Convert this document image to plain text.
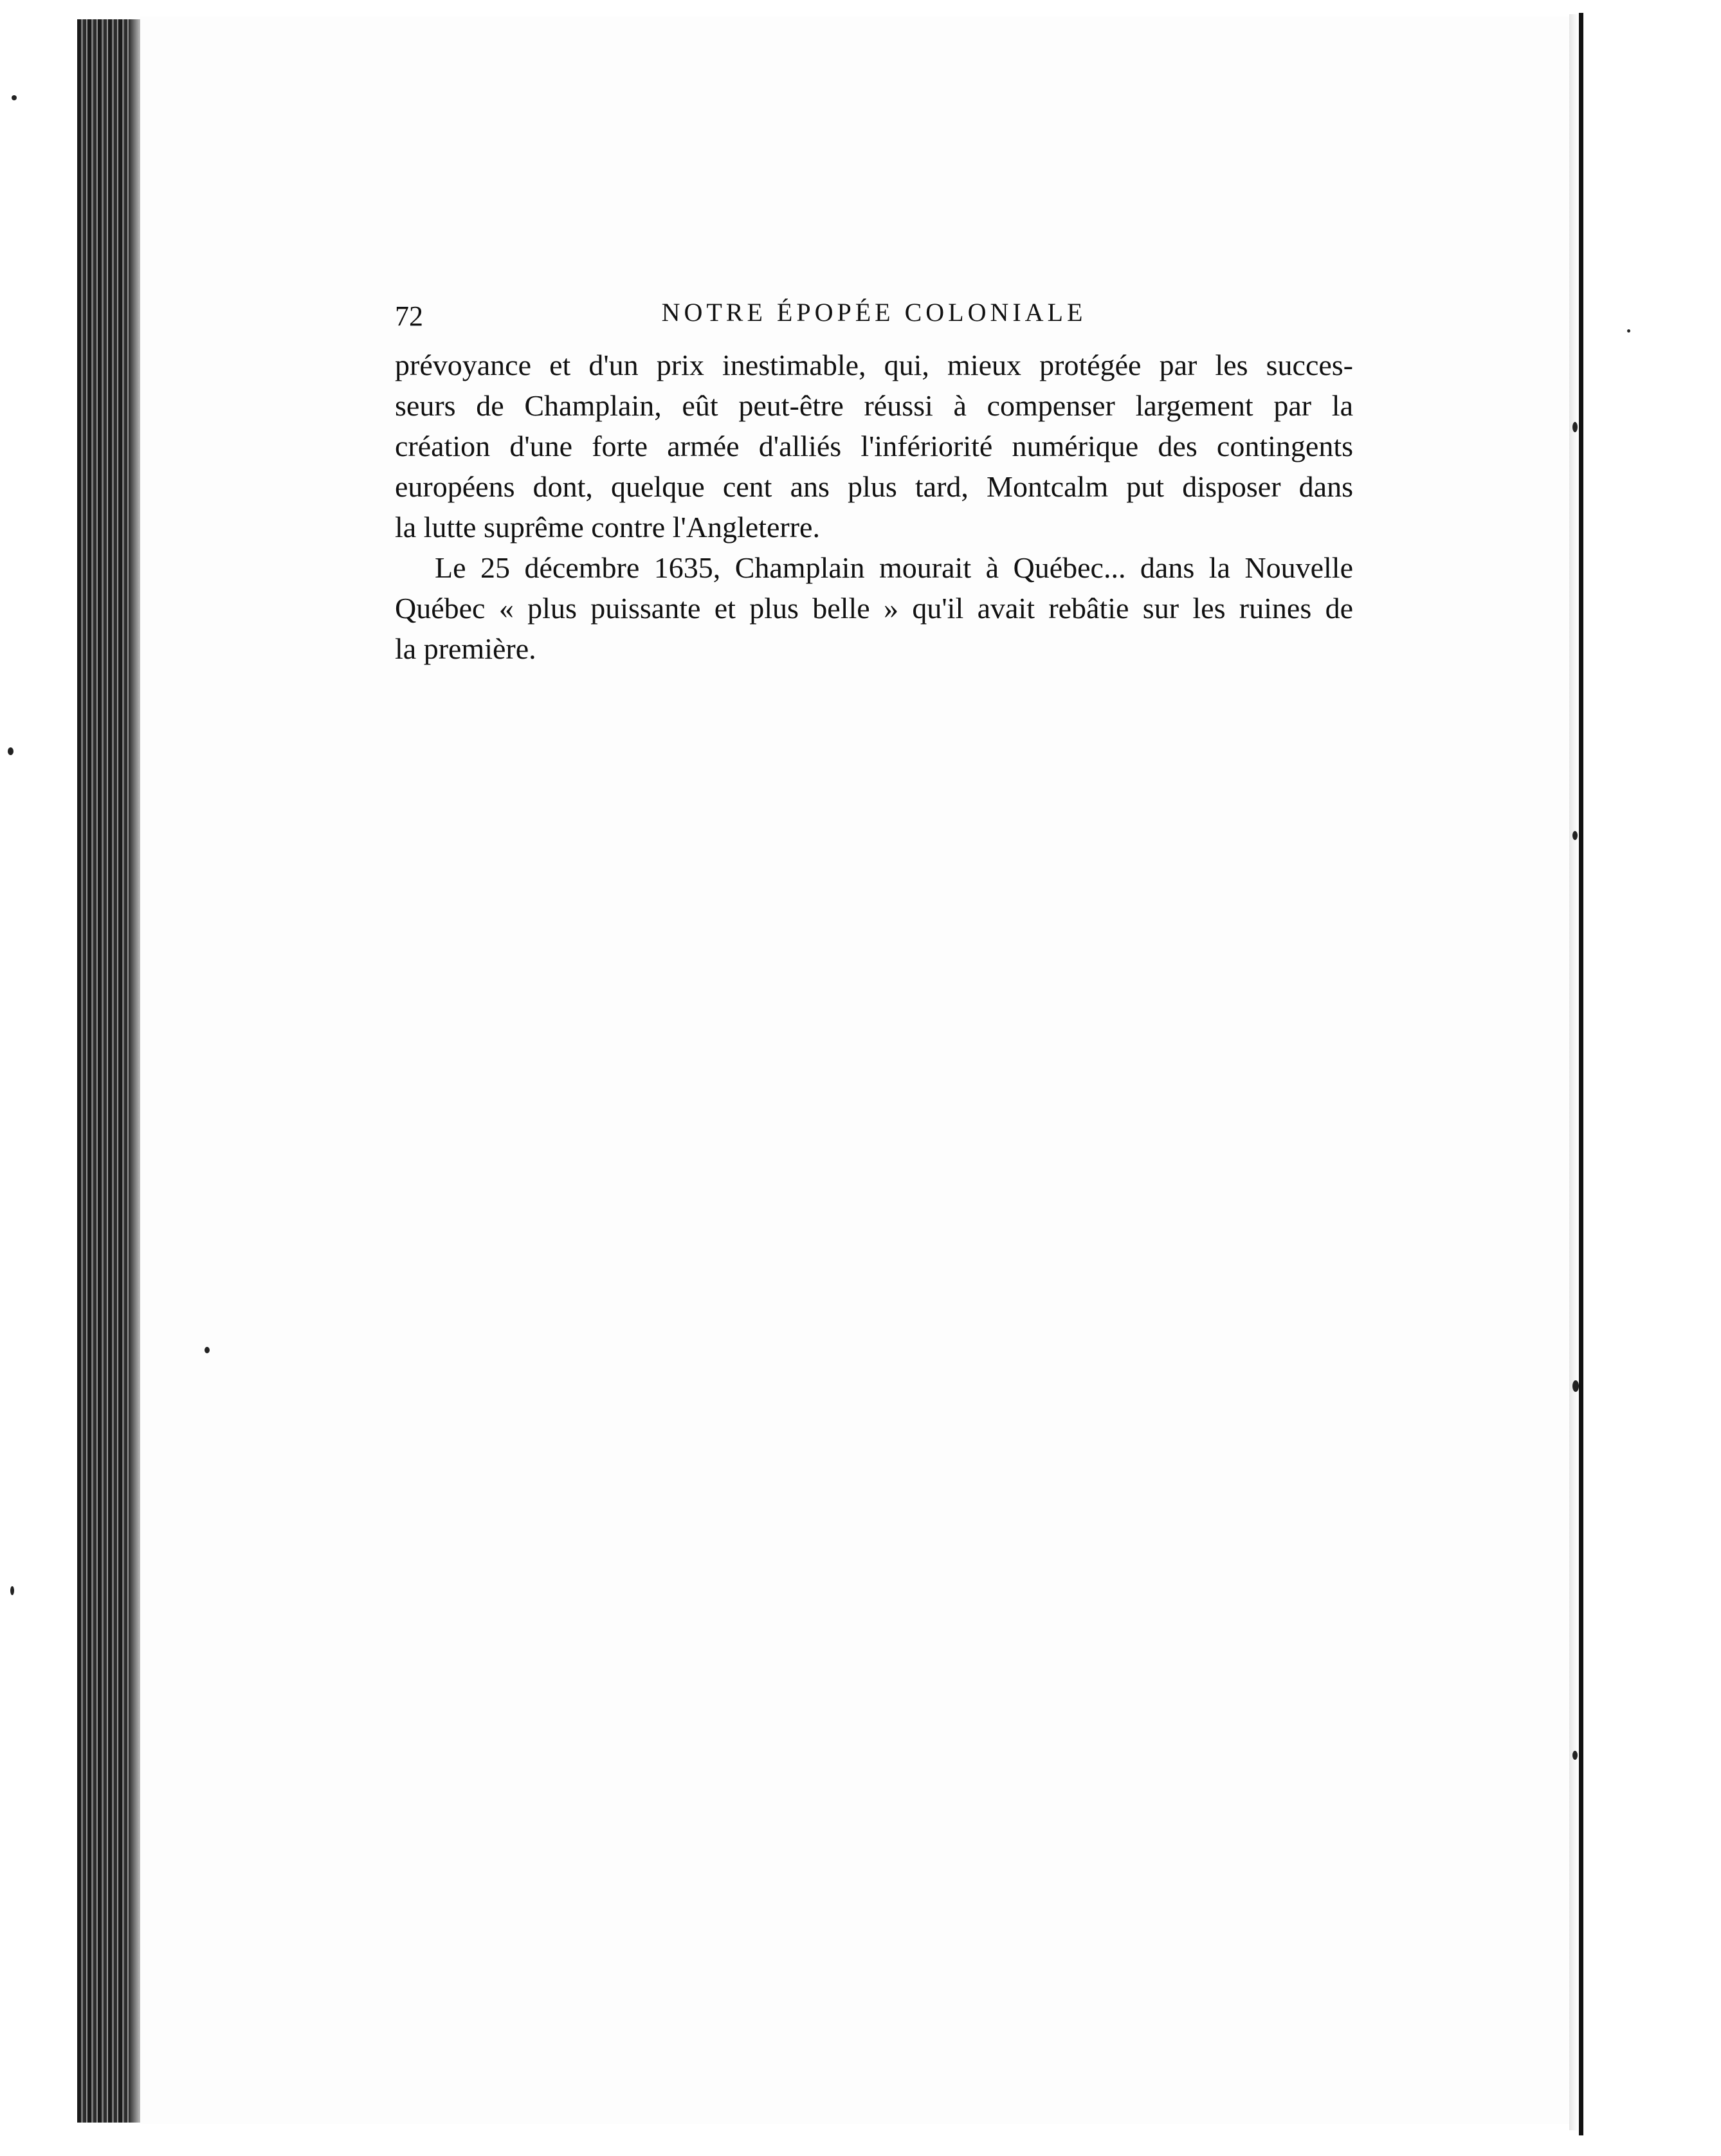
72	NOTRE ÉPOPÉE COLONIALE
prévoyance et d'un prix inestimable, qui, mieux protégée par les succes-
seurs de Champlain, eût peut-être réussi à compenser largement par la
création d'une forte armée d'alliés l'infériorité numérique des contingents
européens dont, quelque cent ans plus tard, Montcalm put disposer dans
la lutte suprême contre l'Angleterre.
Le 25 décembre 1635, Champlain mourait à Québec... dans la Nouvelle
Québec « plus puissante et plus belle » qu'il avait rebâtie sur les ruines de
la première.
